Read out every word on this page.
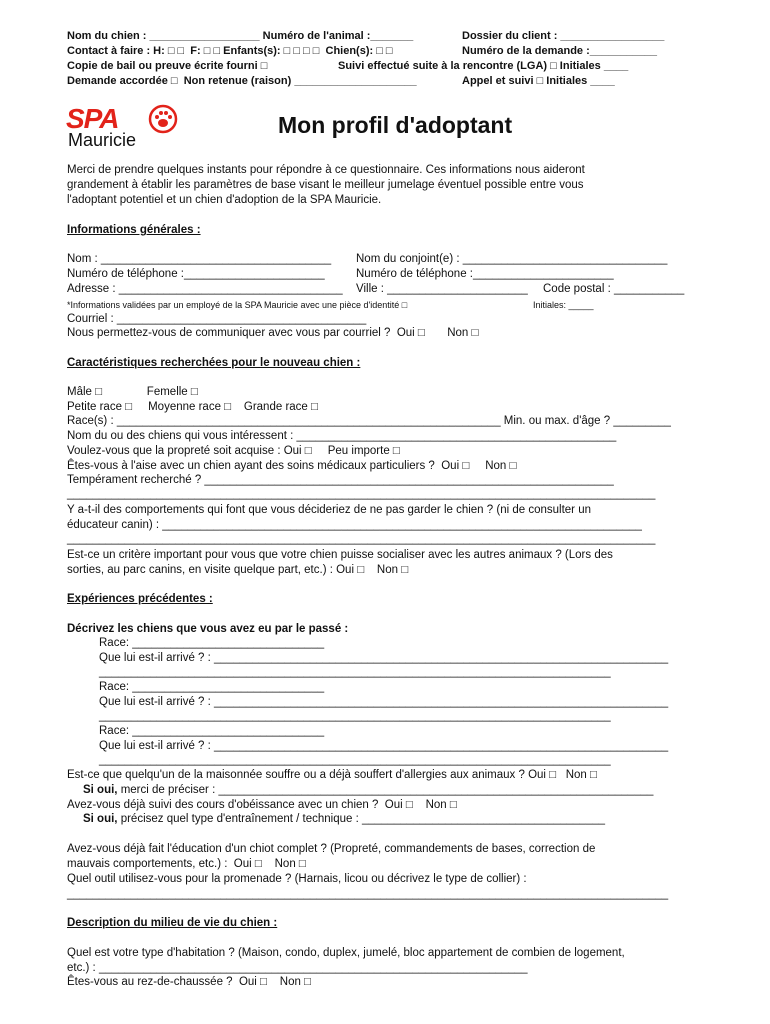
Nom du chien : __________________ Numéro de l'animal :_______	Dossier du client : _________________
Contact à faire : H: □ □  F: □ □ Enfants(s): □ □ □ □  Chien(s): □ □	Numéro de la demande :___________
Copie de bail ou preuve écrite fourni □	Suivi effectué suite à la rencontre (LGA) □ Initiales ____
Demande accordée □  Non retenue (raison) ____________________	Appel et suivi □ Initiales ____
SPA
Mauricie
Mon profil d'adoptant
Merci de prendre quelques instants pour répondre à ce questionnaire. Ces informations nous aideront
grandement à établir les paramètres de base visant le meilleur jumelage éventuel possible entre vous
l'adoptant potentiel et un chien d'adoption de la SPA Mauricie.
Informations générales :
Nom : ____________________________________ Nom du conjoint(e) : ________________________________
Numéro de téléphone :______________________	Numéro de téléphone :______________________
Adresse : ___________________________________ Ville : ______________________ Code postal : ___________
*Informations validées par un employé de la SPA Mauricie avec une pièce d'identité □	Initiales: _____
Courriel : _______________________________________
Nous permettez-vous de communiquer avec vous par courriel ?  Oui □       Non □
Caractéristiques recherchées pour le nouveau chien :
Mâle □              Femelle □
Petite race □     Moyenne race □    Grande race □
Race(s) : ____________________________________________________________ Min. ou max. d'âge ? _________
Nom du ou des chiens qui vous intéressent : __________________________________________________
Voulez-vous que la propreté soit acquise : Oui □     Peu importe □
Êtes-vous à l'aise avec un chien ayant des soins médicaux particuliers ?  Oui □     Non □
Tempérament recherché ? ________________________________________________________________
____________________________________________________________________________________________
Y a-t-il des comportements qui font que vous décideriez de ne pas garder le chien ? (ni de consulter un
éducateur canin) : ___________________________________________________________________________
____________________________________________________________________________________________
Est-ce un critère important pour vous que votre chien puisse socialiser avec les autres animaux ? (Lors des
sorties, au parc canins, en visite quelque part, etc.) : Oui □    Non □
Expériences précédentes :
Décrivez les chiens que vous avez eu par le passé :
Race: ______________________________
Que lui est-il arrivé ? : _______________________________________________________________________
________________________________________________________________________________
Race: ______________________________
Que lui est-il arrivé ? : _______________________________________________________________________
________________________________________________________________________________
Race: ______________________________
Que lui est-il arrivé ? : _______________________________________________________________________
________________________________________________________________________________
Est-ce que quelqu'un de la maisonnée souffre ou a déjà souffert d'allergies aux animaux ? Oui □   Non □
Si oui, merci de préciser : ____________________________________________________________________
Avez-vous déjà suivi des cours d'obéissance avec un chien ?  Oui □    Non □
Si oui, précisez quel type d'entraînement / technique : ______________________________________
Avez-vous déjà fait l'éducation d'un chiot complet ? (Propreté, commandements de bases, correction de
mauvais comportements, etc.) :  Oui □    Non □
Quel outil utilisez-vous pour la promenade ? (Harnais, licou ou décrivez le type de collier) :
______________________________________________________________________________________________
Description du milieu de vie du chien :
Quel est votre type d'habitation ? (Maison, condo, duplex, jumelé, bloc appartement de combien de logement,
etc.) : ___________________________________________________________________
Êtes-vous au rez-de-chaussée ?  Oui □    Non □
